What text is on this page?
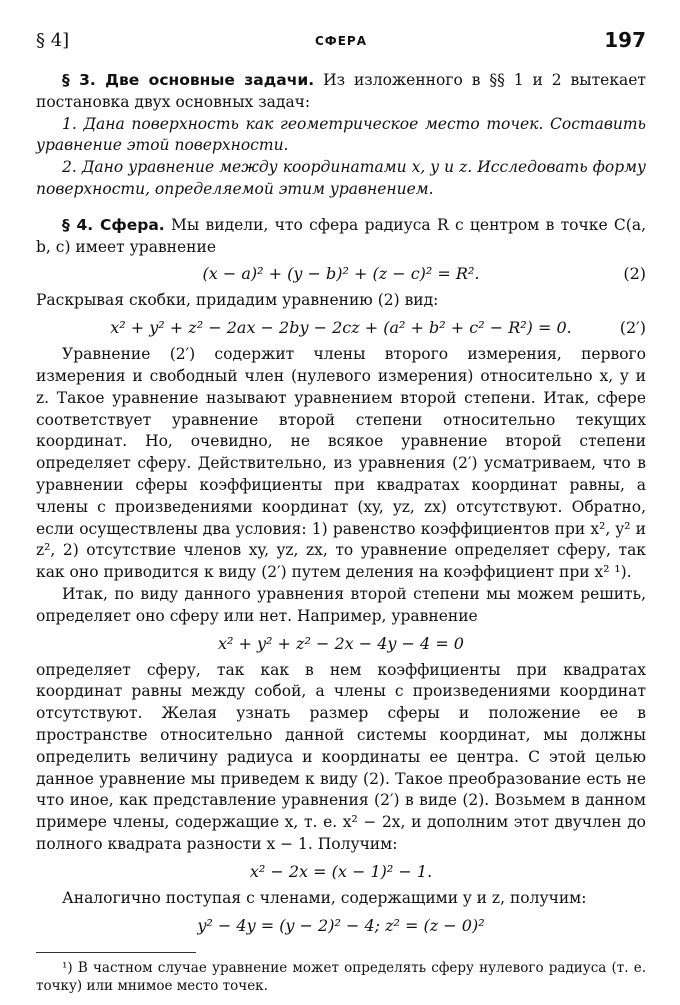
§ 4]	СФЕРА	197

§ 3. Две основные задачи. Из изложенного в §§ 1 и 2 вытекает постановка двух основных задач:

1. Дана поверхность как геометрическое место точек. Составить уравнение этой поверхности.

2. Дано уравнение между координатами x, y и z. Исследовать форму поверхности, определяемой этим уравнением.

§ 4. Сфера. Мы видели, что сфера радиуса R с центром в точке C(a, b, c) имеет уравнение

(x − a)² + (y − b)² + (z − c)² = R².	(2)

Раскрывая скобки, придадим уравнению (2) вид:

x² + y² + z² − 2ax − 2by − 2cz + (a² + b² + c² − R²) = 0.	(2′)

Уравнение (2′) содержит члены второго измерения, первого измерения и свободный член (нулевого измерения) относительно x, y и z. Такое уравнение называют уравнением второй степени. Итак, сфере соответствует уравнение второй степени относительно текущих координат. Но, очевидно, не всякое уравнение второй степени определяет сферу. Действительно, из уравнения (2′) усматриваем, что в уравнении сферы коэффициенты при квадратах координат равны, а члены с произведениями координат (xy, yz, zx) отсутствуют. Обратно, если осуществлены два условия: 1) равенство коэффициентов при x², y² и z², 2) отсутствие членов xy, yz, zx, то уравнение определяет сферу, так как оно приводится к виду (2′) путем деления на коэффициент при x² ¹).

Итак, по виду данного уравнения второй степени мы можем решить, определяет оно сферу или нет. Например, уравнение

x² + y² + z² − 2x − 4y − 4 = 0

определяет сферу, так как в нем коэффициенты при квадратах координат равны между собой, а члены с произведениями координат отсутствуют. Желая узнать размер сферы и положение ее в пространстве относительно данной системы координат, мы должны определить величину радиуса и координаты ее центра. С этой целью данное уравнение мы приведем к виду (2). Такое преобразование есть не что иное, как представление уравнения (2′) в виде (2). Возьмем в данном примере члены, содержащие x, т. е. x² − 2x, и дополним этот двучлен до полного квадрата разности x − 1. Получим:

x² − 2x = (x − 1)² − 1.

Аналогично поступая с членами, содержащими y и z, получим:

y² − 4y = (y − 2)² − 4; z² = (z − 0)²

¹) В частном случае уравнение может определять сферу нулевого радиуса (т. е. точку) или мнимое место точек.
